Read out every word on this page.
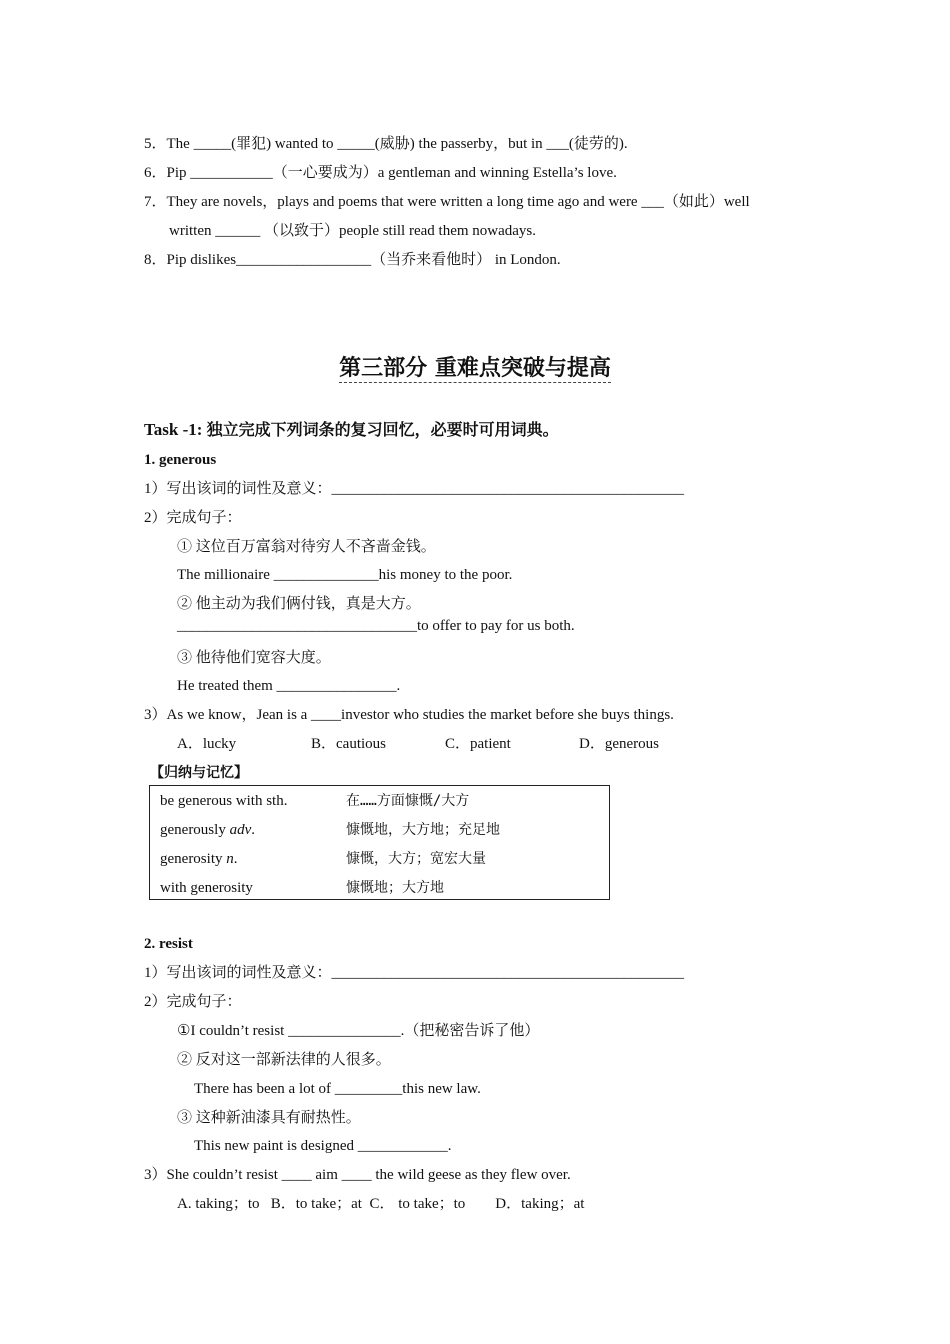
5．The _____(罪犯) wanted to _____(威胁) the passerby，but in ___(徒劳的).
6．Pip ___________（一心要成为）a gentleman and winning Estella’s love.
7．They are novels，plays and poems that were written a long time ago and were ___（如此）well
written ______ （以致于）people still read them nowadays.
8．Pip dislikes__________________（当乔来看他时） in London.
第三部分 重难点突破与提高
Task -1: 独立完成下列词条的复习回忆，必要时可用词典。
1. generous
1）写出该词的词性及意义：_______________________________________________
2）完成句子：
① 这位百万富翁对待穷人不吝啬金钱。
The millionaire ______________his money to the poor.
② 他主动为我们俩付钱，真是大方。
________________________________to offer to pay for us both.
③ 他待他们宽容大度。
He treated them ________________.
3）As we know，Jean is a ____investor who studies the market before she buys things.
A．lucky	B．cautious	C．patient	D．generous
【归纳与记忆】
be generous with sth.	在……方面慷慨/大方
generously adv.	慷慨地，大方地；充足地
generosity n.	慷慨，大方；宽宏大量
with generosity	慷慨地；大方地
2. resist
1）写出该词的词性及意义：_______________________________________________
2）完成句子：
①I couldn’t resist _______________.（把秘密告诉了他）
② 反对这一部新法律的人很多。
There has been a lot of _________this new law.
③ 这种新油漆具有耐热性。
This new paint is designed ____________.
3）She couldn’t resist ____ aim ____ the wild geese as they flew over.
A. taking；to   B．to take；at  C． to take；to        D．taking；at
